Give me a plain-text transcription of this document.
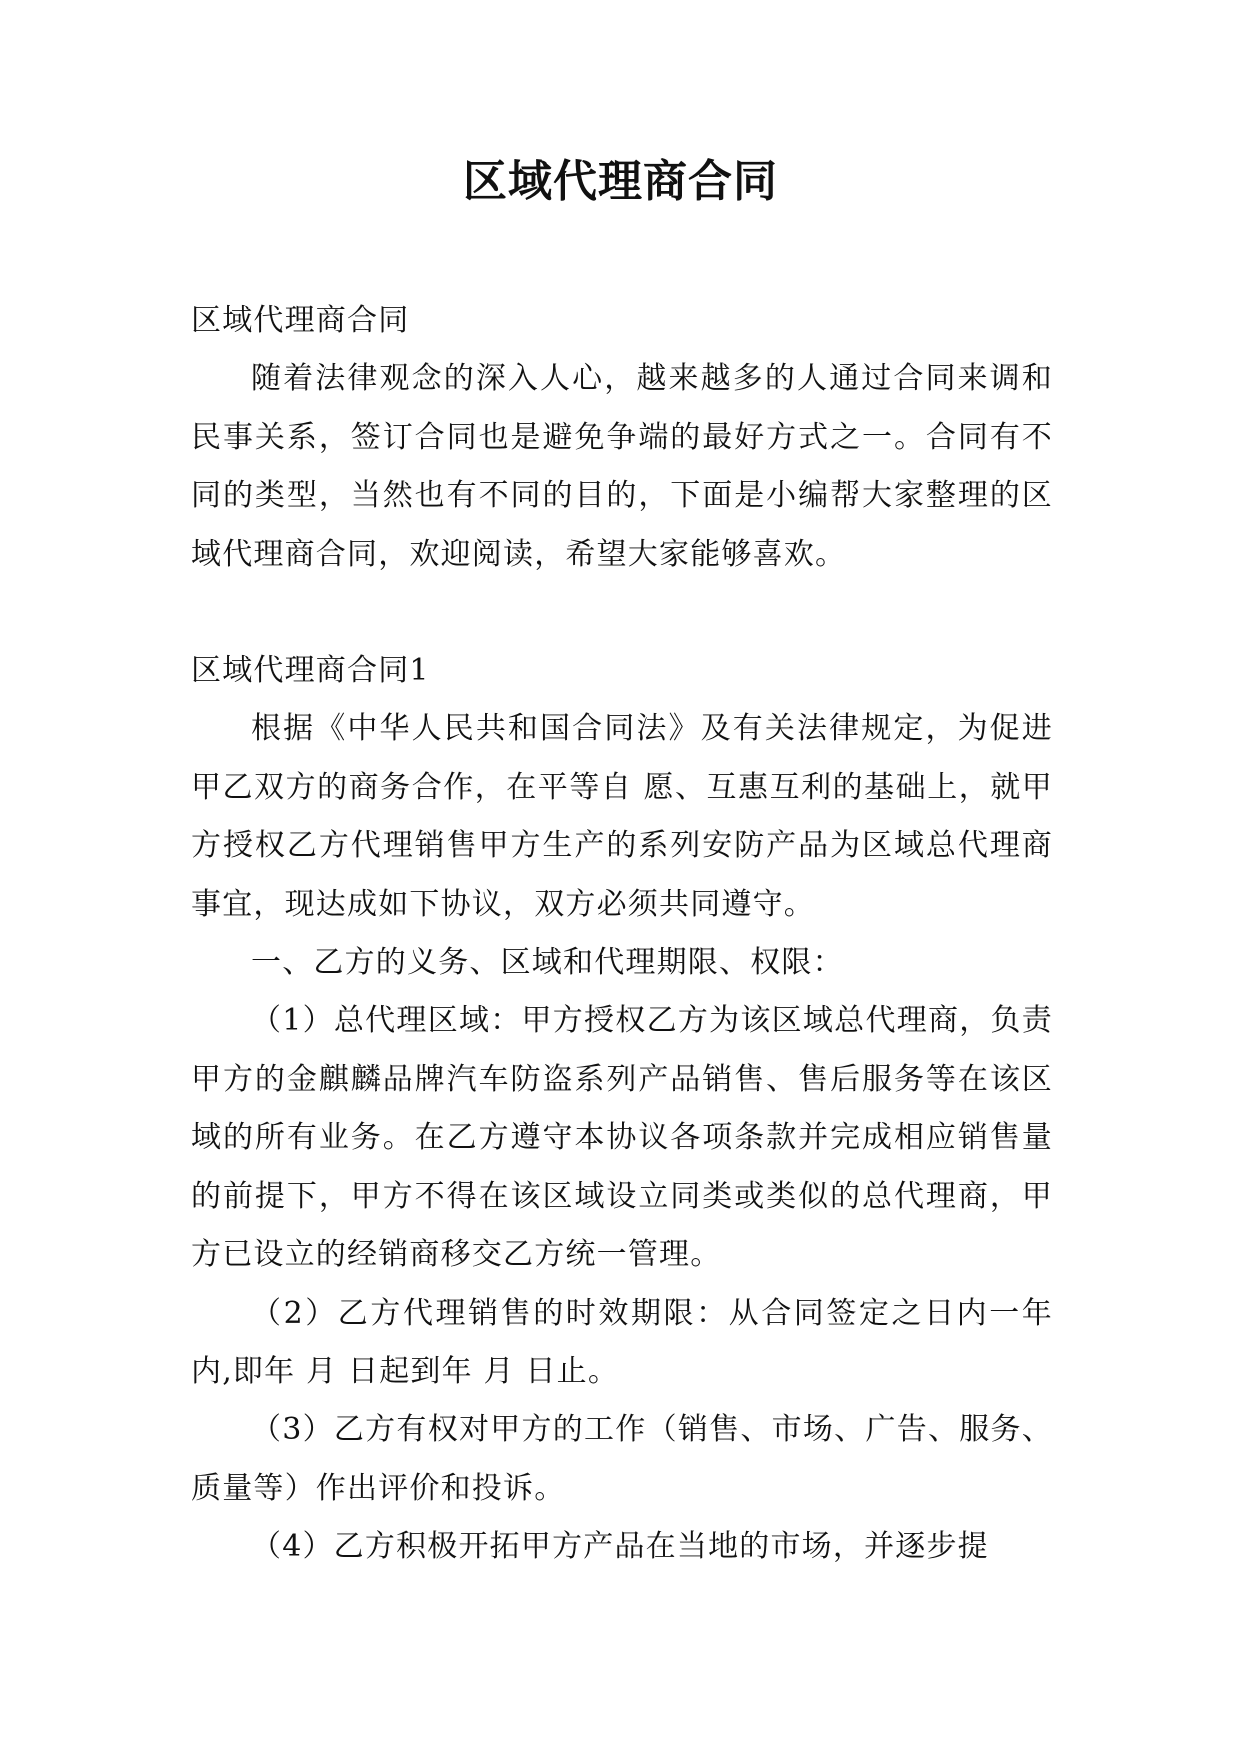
区域代理商合同

区域代理商合同

随着法律观念的深入人心，越来越多的人通过合同来调和民事关系，签订合同也是避免争端的最好方式之一。合同有不同的类型，当然也有不同的目的，下面是小编帮大家整理的区域代理商合同，欢迎阅读，希望大家能够喜欢。

区域代理商合同1

根据《中华人民共和国合同法》及有关法律规定，为促进甲乙双方的商务合作，在平等自 愿、互惠互利的基础上，就甲方授权乙方代理销售甲方生产的系列安防产品为区域总代理商事宜，现达成如下协议，双方必须共同遵守。

一、乙方的义务、区域和代理期限、权限：

（1）总代理区域：甲方授权乙方为该区域总代理商，负责甲方的金麒麟品牌汽车防盗系列产品销售、售后服务等在该区域的所有业务。在乙方遵守本协议各项条款并完成相应销售量的前提下，甲方不得在该区域设立同类或类似的总代理商，甲方已设立的经销商移交乙方统一管理。

（2）乙方代理销售的时效期限：从合同签定之日内一年内,即年 月 日起到年 月 日止。

（3）乙方有权对甲方的工作（销售、市场、广告、服务、质量等）作出评价和投诉。

（4）乙方积极开拓甲方产品在当地的市场，并逐步提
